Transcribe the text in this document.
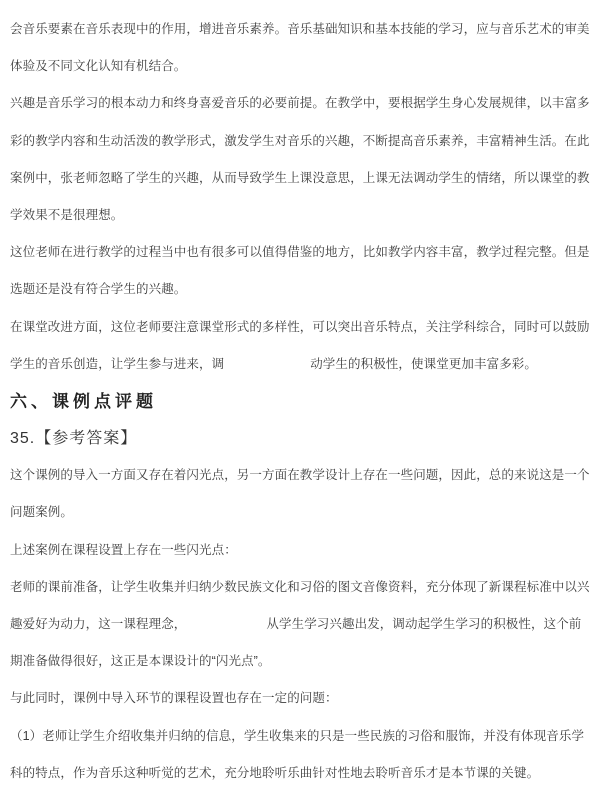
会音乐要素在音乐表现中的作用，增进音乐素养。音乐基础知识和基本技能的学习，应与音乐艺术的审美
体验及不同文化认知有机结合。
兴趣是音乐学习的根本动力和终身喜爱音乐的必要前提。在教学中，要根据学生身心发展规律，以丰富多
彩的教学内容和生动活泼的教学形式，激发学生对音乐的兴趣，不断提高音乐素养，丰富精神生活。在此
案例中，张老师忽略了学生的兴趣，从而导致学生上课没意思，上课无法调动学生的情绪，所以课堂的教
学效果不是很理想。
这位老师在进行教学的过程当中也有很多可以值得借鉴的地方，比如教学内容丰富，教学过程完整。但是
选题还是没有符合学生的兴趣。
在课堂改进方面，这位老师要注意课堂形式的多样性，可以突出音乐特点，关注学科综合，同时可以鼓励
学生的音乐创造，让学生参与进来，调	动学生的积极性，使课堂更加丰富多彩。
六、课例点评题
35.【参考答案】
这个课例的导入一方面又存在着闪光点，另一方面在教学设计上存在一些问题，因此，总的来说这是一个
问题案例。
上述案例在课程设置上存在一些闪光点：
老师的课前准备，让学生收集并归纳少数民族文化和习俗的图文音像资料，充分体现了新课程标准中以兴
趣爱好为动力，这一课程理念，	从学生学习兴趣出发，调动起学生学习的积极性，这个前
期准备做得很好，这正是本课设计的“闪光点”。
与此同时，课例中导入环节的课程设置也存在一定的问题：
（1）老师让学生介绍收集并归纳的信息，学生收集来的只是一些民族的习俗和服饰，并没有体现音乐学
科的特点，作为音乐这种听觉的艺术，充分地聆听乐曲针对性地去聆听音乐才是本节课的关键。
